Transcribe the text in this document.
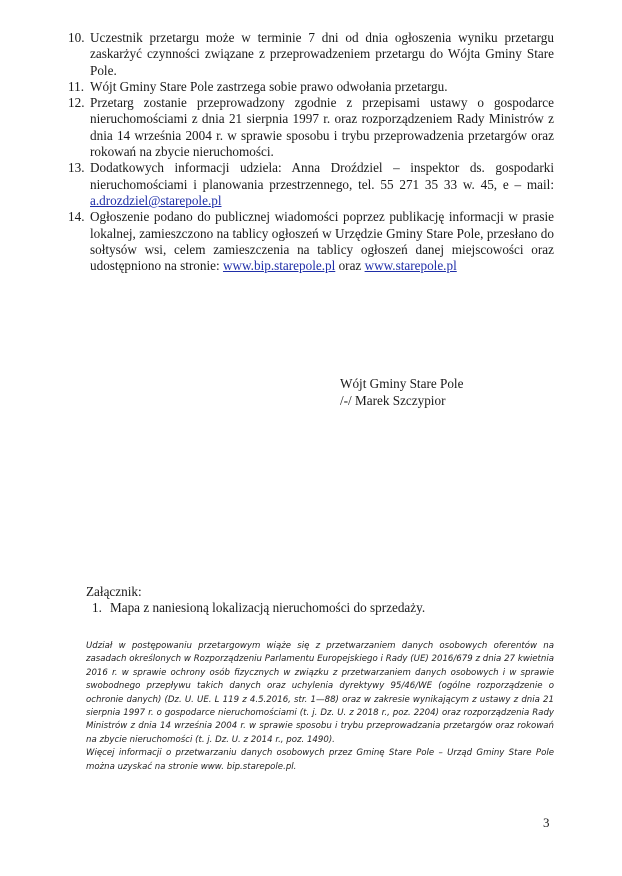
10. Uczestnik przetargu może w terminie 7 dni od dnia ogłoszenia wyniku przetargu zaskarżyć czynności związane z przeprowadzeniem przetargu do Wójta Gminy Stare Pole.
11. Wójt Gminy Stare Pole zastrzega sobie prawo odwołania przetargu.
12. Przetarg zostanie przeprowadzony zgodnie z przepisami ustawy o gospodarce nieruchomościami z dnia 21 sierpnia 1997 r. oraz rozporządzeniem Rady Ministrów z dnia 14 września 2004 r. w sprawie sposobu i trybu przeprowadzenia przetargów oraz rokowań na zbycie nieruchomości.
13. Dodatkowych informacji udziela: Anna Droździel – inspektor ds. gospodarki nieruchomościami i planowania przestrzennego, tel. 55 271 35 33 w. 45, e – mail: a.drozdziel@starepole.pl
14. Ogłoszenie podano do publicznej wiadomości poprzez publikację informacji w prasie lokalnej, zamieszczono na tablicy ogłoszeń w Urzędzie Gminy Stare Pole, przesłano do sołtysów wsi, celem zamieszczenia na tablicy ogłoszeń danej miejscowości oraz udostępniono na stronie: www.bip.starepole.pl oraz www.starepole.pl
Wójt Gminy Stare Pole
/-/ Marek Szczypior
Załącznik:
1. Mapa z naniesioną lokalizacją nieruchomości do sprzedaży.

Udział w postępowaniu przetargowym wiąże się z przetwarzaniem danych osobowych oferentów na zasadach określonych w Rozporządzeniu Parlamentu Europejskiego i Rady (UE) 2016/679 z dnia 27 kwietnia 2016 r. w sprawie ochrony osób fizycznych w związku z przetwarzaniem danych osobowych i w sprawie swobodnego przepływu takich danych oraz uchylenia dyrektywy 95/46/WE (ogólne rozporządzenie o ochronie danych) (Dz. U. UE. L 119 z 4.5.2016, str. 1—88) oraz w zakresie wynikającym z ustawy z dnia 21 sierpnia 1997 r. o gospodarce nieruchomościami (t. j. Dz. U. z 2018 r., poz. 2204) oraz rozporządzenia Rady Ministrów z dnia 14 września 2004 r. w sprawie sposobu i trybu przeprowadzania przetargów oraz rokowań na zbycie nieruchomości (t. j. Dz. U. z 2014 r., poz. 1490).

Więcej informacji o przetwarzaniu danych osobowych przez Gminę Stare Pole – Urząd Gminy Stare Pole można uzyskać na stronie www. bip.starepole.pl.

3
